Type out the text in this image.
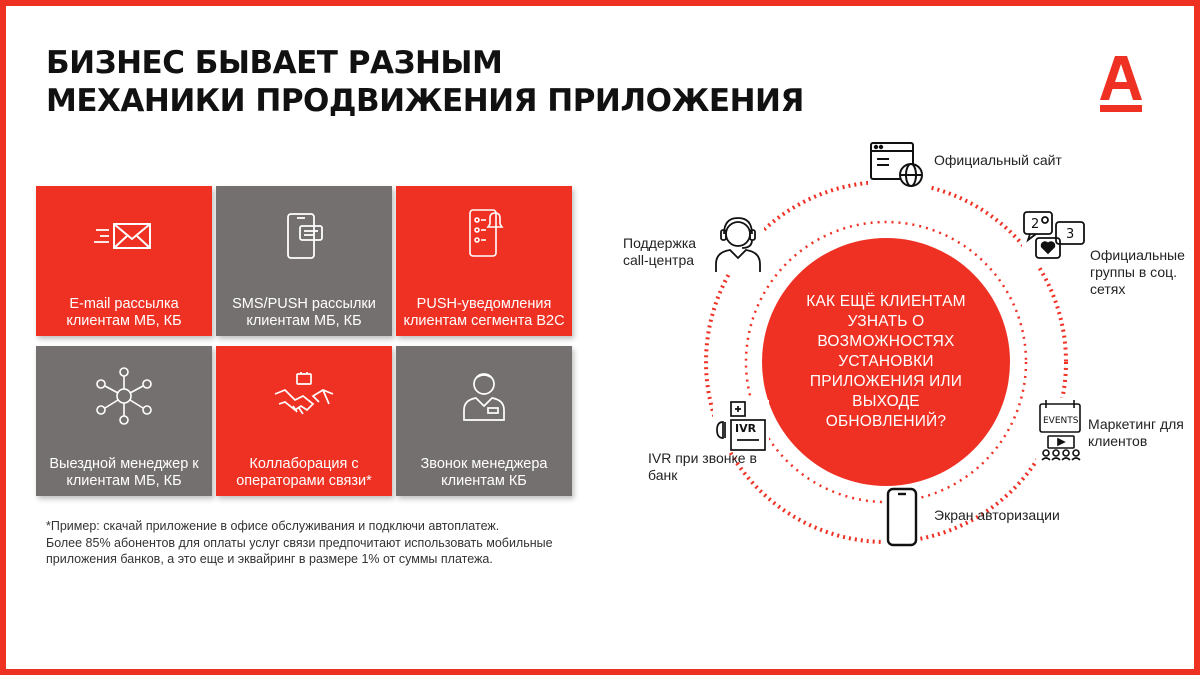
БИЗНЕС БЫВАЕТ РАЗНЫМ
МЕХАНИКИ ПРОДВИЖЕНИЯ ПРИЛОЖЕНИЯ
E-mail рассылка клиентам МБ, КБ
SMS/PUSH рассылки клиентам МБ, КБ
PUSH-уведомления клиентам сегмента B2C
Выездной менеджер к клиентам МБ, КБ
Коллаборация с операторами связи*
Звонок менеджера клиентам КБ
*Пример: скачай приложение в офисе обслуживания и подключи автоплатеж.
Более 85% абонентов для оплаты услуг связи предпочитают использовать мобильные
приложения банков, а это еще и эквайринг в размере 1% от суммы платежа.
КАК ЕЩЁ КЛИЕНТАМ УЗНАТЬ О ВОЗМОЖНОСТЯХ УСТАНОВКИ ПРИЛОЖЕНИЯ ИЛИ ВЫХОДЕ ОБНОВЛЕНИЙ?
Официальный сайт
2
3
Официальные
группы в соц.
сетях
EVENTS Маркетинг для
клиентов
Экран авторизации
IVR
IVR при звонке в
банк
Поддержка
call-центра
